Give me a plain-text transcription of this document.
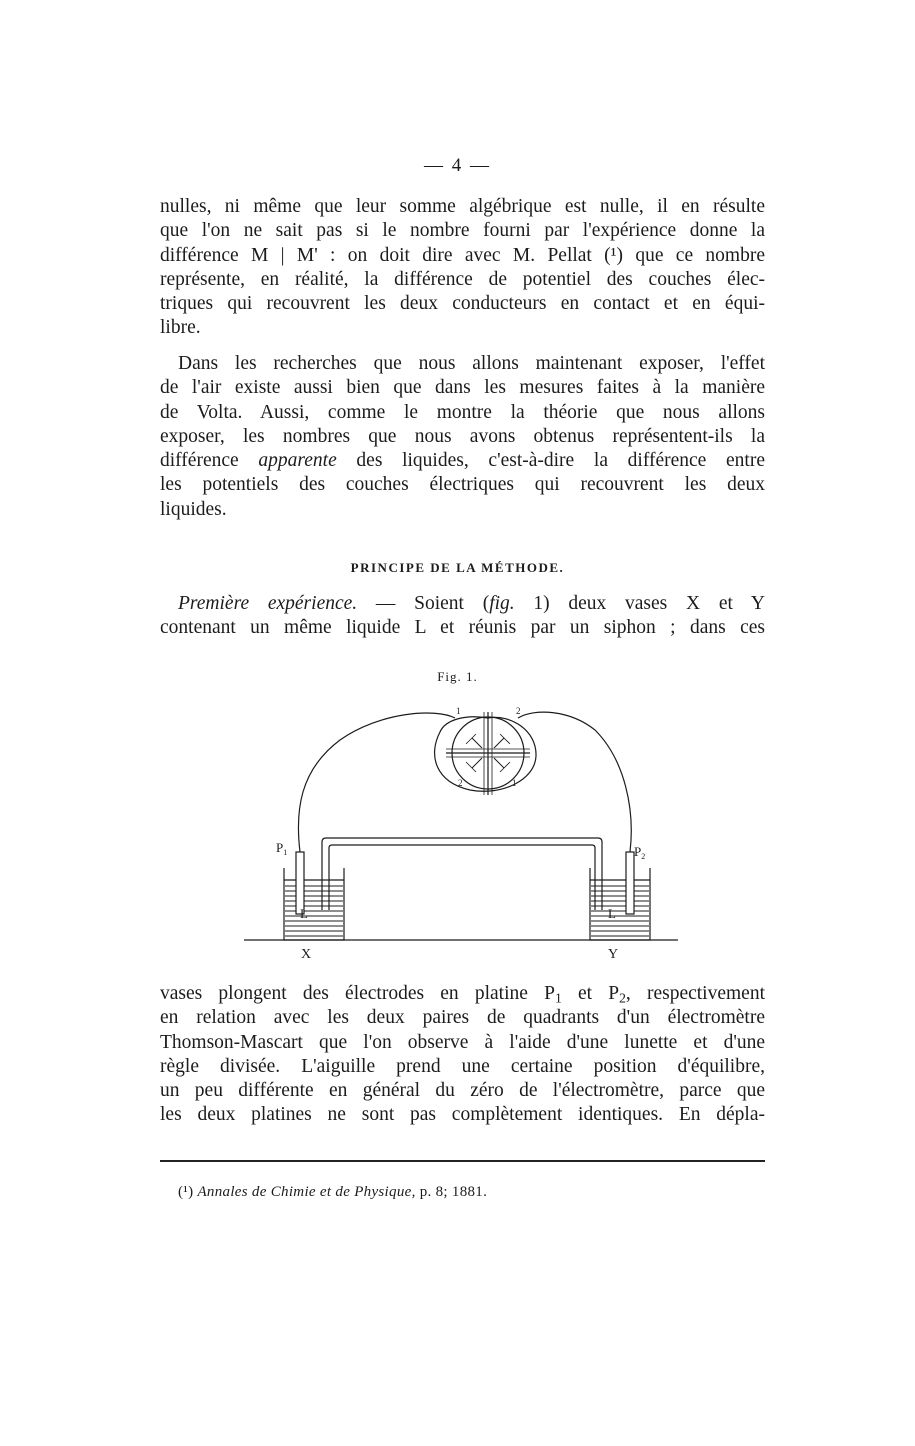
— 4 —

nulles, ni même que leur somme algébrique est nulle, il en résulte
que l'on ne sait pas si le nombre fourni par l'expérience donne la
différence M | M' : on doit dire avec M. Pellat (¹) que ce nombre
représente, en réalité, la différence de potentiel des couches élec-
triques qui recouvrent les deux conducteurs en contact et en équi-
libre.

Dans les recherches que nous allons maintenant exposer, l'effet
de l'air existe aussi bien que dans les mesures faites à la manière
de Volta. Aussi, comme le montre la théorie que nous allons
exposer, les nombres que nous avons obtenus représentent-ils la
différence apparente des liquides, c'est-à-dire la différence entre
les potentiels des couches électriques qui recouvrent les deux
liquides.

PRINCIPE DE LA MÉTHODE.

Première expérience. — Soient (fig. 1) deux vases X et Y
contenant un même liquide L et réunis par un siphon ; dans ces

Fig. 1.
$P_1$	$P_2$
X	Y
L	L
1	2
2	1

vases plongent des électrodes en platine $P_1$ et $P_2$, respectivement
en relation avec les deux paires de quadrants d'un électromètre
Thomson-Mascart que l'on observe à l'aide d'une lunette et d'une
règle divisée. L'aiguille prend une certaine position d'équilibre,
un peu différente en général du zéro de l'électromètre, parce que
les deux platines ne sont pas complètement identiques. En dépla-

(¹) Annales de Chimie et de Physique, p. 8; 1881.
